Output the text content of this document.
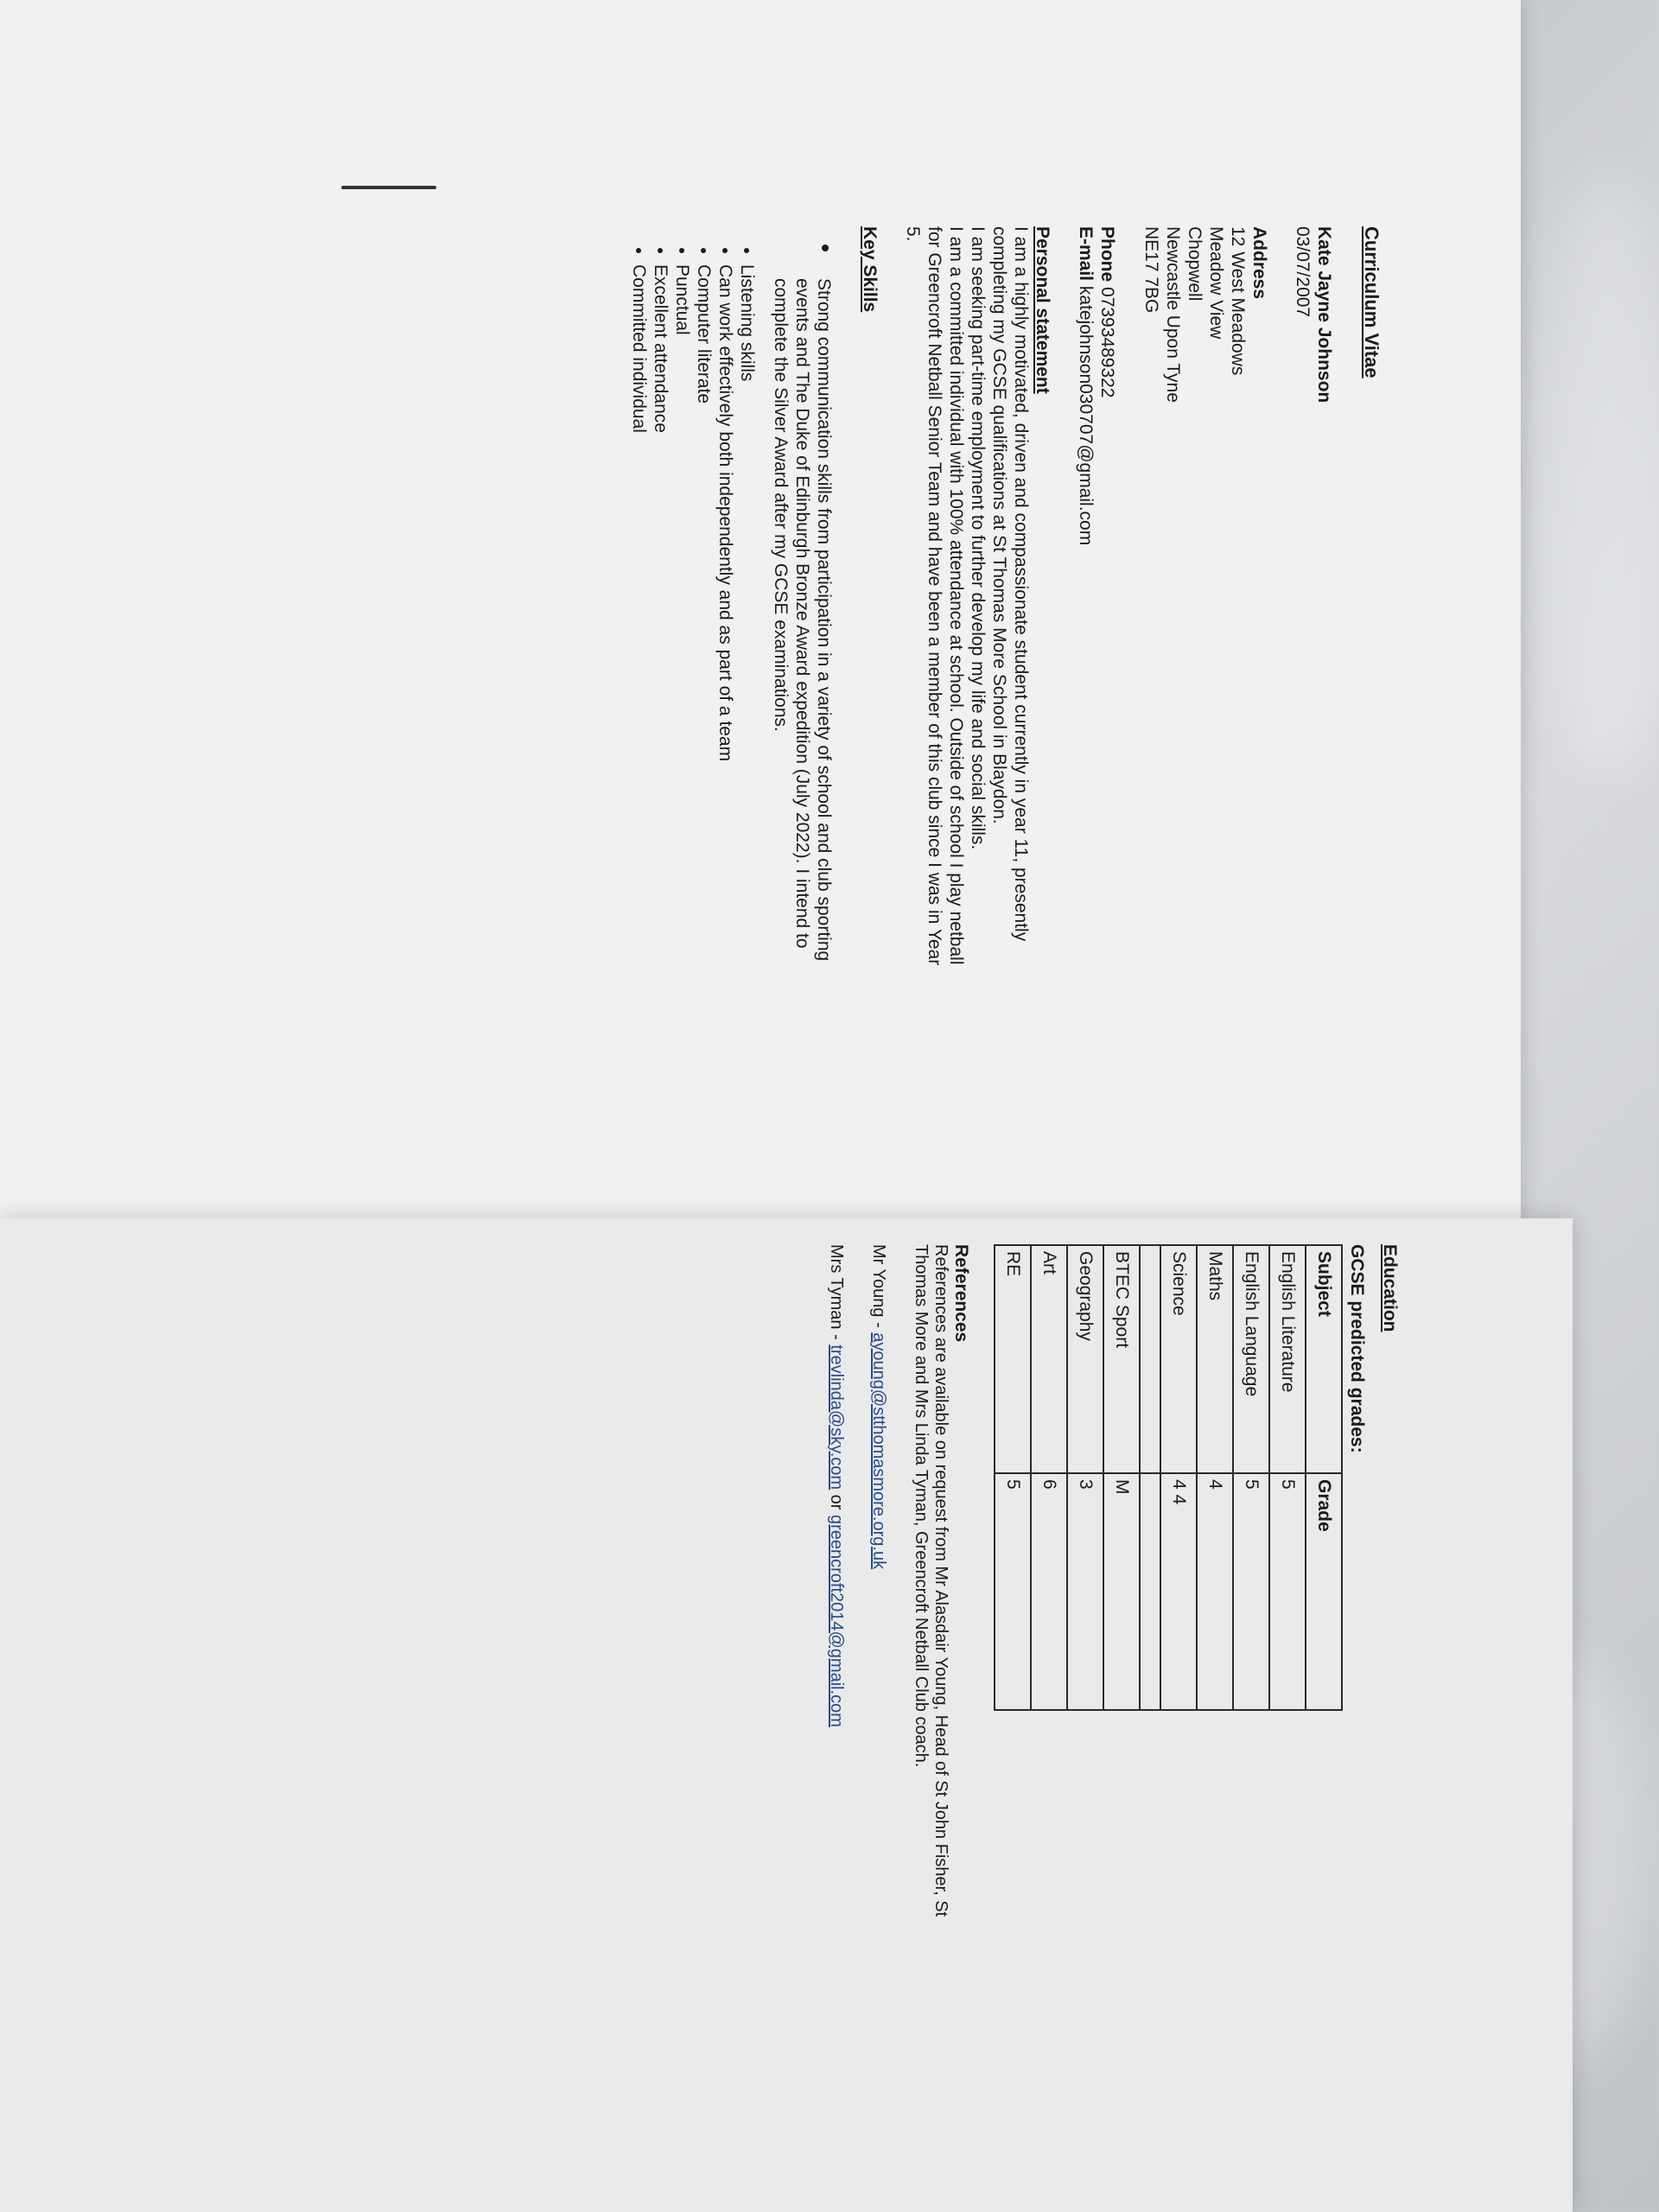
Curriculum Vitae

Kate Jayne Johnson

03/07/2007

Address

12 West Meadows

Meadow View

Chopwell

Newcastle Upon Tyne

NE17 7BG

Phone 07393489322

E-mail katejohnson030707@gmail.com

Personal statement

I am a highly motivated, driven and compassionate student currently in year 11, presently

completing my GCSE qualifications at St Thomas More School in Blaydon.

I am seeking part-time employment to further develop my life and social skills.

I am a committed individual with 100% attendance at school. Outside of school I play netball

for Greencroft Netball Senior Team and have been a member of this club since I was in Year

5.

Key Skills

• Strong communication skills from participation in a variety of school and club sporting
events and The Duke of Edinburgh Bronze Award expedition (July 2022). I intend to
complete the Silver Award after my GCSE examinations.
• Listening skills
• Can work effectively both independently and as part of a team
• Computer literate
• Punctual
• Excellent attendance
• Committed individual

Education

GCSE predicted grades:

Subject	Grade
English Literature	5
English Language	5
Maths	4
Science	4 4

BTEC Sport	M
Geography	3
Art	6
RE	5

References

References are available on request from Mr Alasdair Young, Head of St John Fisher, St

Thomas More and Mrs Linda Tyman, Greencroft Netball Club coach.

Mr Young - ayoung@stthomasmore.org.uk

Mrs Tyman - trevlinda@sky.com or greencroft2014@gmail.com
